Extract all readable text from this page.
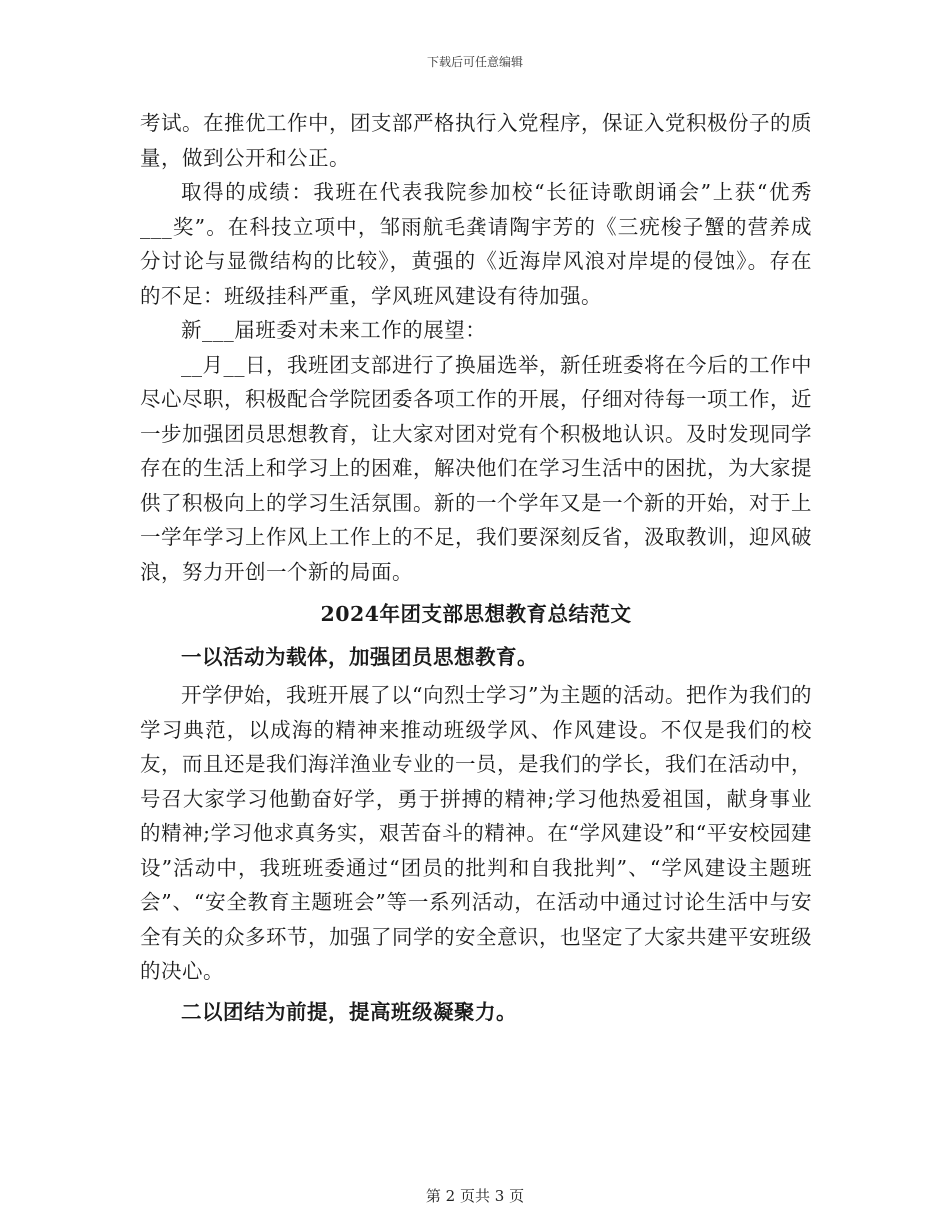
下载后可任意编辑

考试。在推优工作中，团支部严格执行入党程序，保证入党积极份子的质量，做到公开和公正。

取得的成绩：我班在代表我院参加校“长征诗歌朗诵会”上获“优秀___奖”。在科技立项中，邹雨航毛龚请陶宇芳的《三疣梭子蟹的营养成分讨论与显微结构的比较》，黄强的《近海岸风浪对岸堤的侵蚀》。存在的不足：班级挂科严重，学风班风建设有待加强。

新___届班委对未来工作的展望：

__月__日，我班团支部进行了换届选举，新任班委将在今后的工作中尽心尽职，积极配合学院团委各项工作的开展，仔细对待每一项工作，近一步加强团员思想教育，让大家对团对党有个积极地认识。及时发现同学存在的生活上和学习上的困难，解决他们在学习生活中的困扰，为大家提供了积极向上的学习生活氛围。新的一个学年又是一个新的开始，对于上一学年学习上作风上工作上的不足，我们要深刻反省，汲取教训，迎风破浪，努力开创一个新的局面。

2024年团支部思想教育总结范文

一以活动为载体，加强团员思想教育。

开学伊始，我班开展了以“向烈士学习”为主题的活动。把作为我们的学习典范，以成海的精神来推动班级学风、作风建设。不仅是我们的校友，而且还是我们海洋渔业专业的一员，是我们的学长，我们在活动中，号召大家学习他勤奋好学，勇于拼搏的精神;学习他热爱祖国，献身事业的精神;学习他求真务实，艰苦奋斗的精神。在“学风建设”和“平安校园建设”活动中，我班班委通过“团员的批判和自我批判”、“学风建设主题班会”、“安全教育主题班会”等一系列活动，在活动中通过讨论生活中与安全有关的众多环节，加强了同学的安全意识，也坚定了大家共建平安班级的决心。

二以团结为前提，提高班级凝聚力。

第 2 页共 3 页
